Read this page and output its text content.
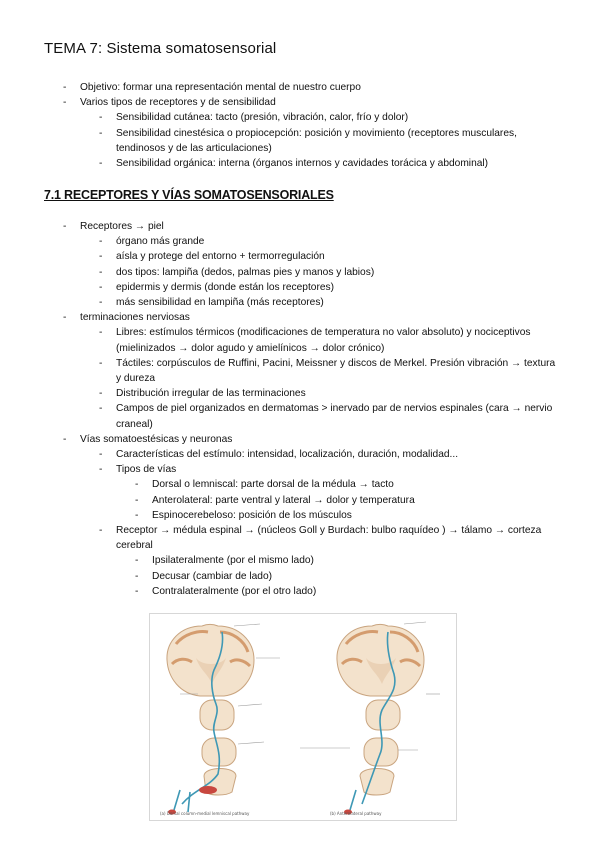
TEMA 7: Sistema somatosensorial
- Objetivo: formar una representación mental de nuestro cuerpo
- Varios tipos de receptores y de sensibilidad
- Sensibilidad cutánea: tacto (presión, vibración, calor, frío y dolor)
- Sensibilidad cinestésica o propiocepción: posición y movimiento (receptores musculares, tendinosos y de las articulaciones)
- Sensibilidad orgánica: interna (órganos internos y cavidades torácica y abdominal)
7.1 RECEPTORES Y VÍAS SOMATOSENSORIALES
- Receptores → piel
- órgano más grande
- aísla y protege del entorno + termorregulación
- dos tipos: lampiña (dedos, palmas pies y manos y labios)
- epidermis y dermis (donde están los receptores)
- más sensibilidad en lampiña (más receptores)
- terminaciones nerviosas
- Libres: estímulos térmicos (modificaciones de temperatura no valor absoluto) y nociceptivos (mielinizados → dolor agudo y amielínicos → dolor crónico)
- Táctiles: corpúsculos de Ruffini, Pacini, Meissner y discos de Merkel. Presión vibración → textura y dureza
- Distribución irregular de las terminaciones
- Campos de piel organizados en dermatomas > inervado par de nervios espinales (cara → nervio craneal)
- Vías somatoestésicas y neuronas
- Características del estímulo: intensidad, localización, duración, modalidad...
- Tipos de vías
- Dorsal o lemniscal: parte dorsal de la médula → tacto
- Anterolateral: parte ventral y lateral → dolor y temperatura
- Espinocerebeloso: posición de los músculos
- Receptor → médula espinal → (núcleos Goll y Burdach: bulbo raquídeo ) → tálamo → corteza cerebral
- Ipsilateralmente (por el mismo lado)
- Decusar (cambiar de lado)
- Contralateralmente (por el otro lado)
(a) Dorsal column-medial lemniscal pathway	(b) Anterolateral pathway
